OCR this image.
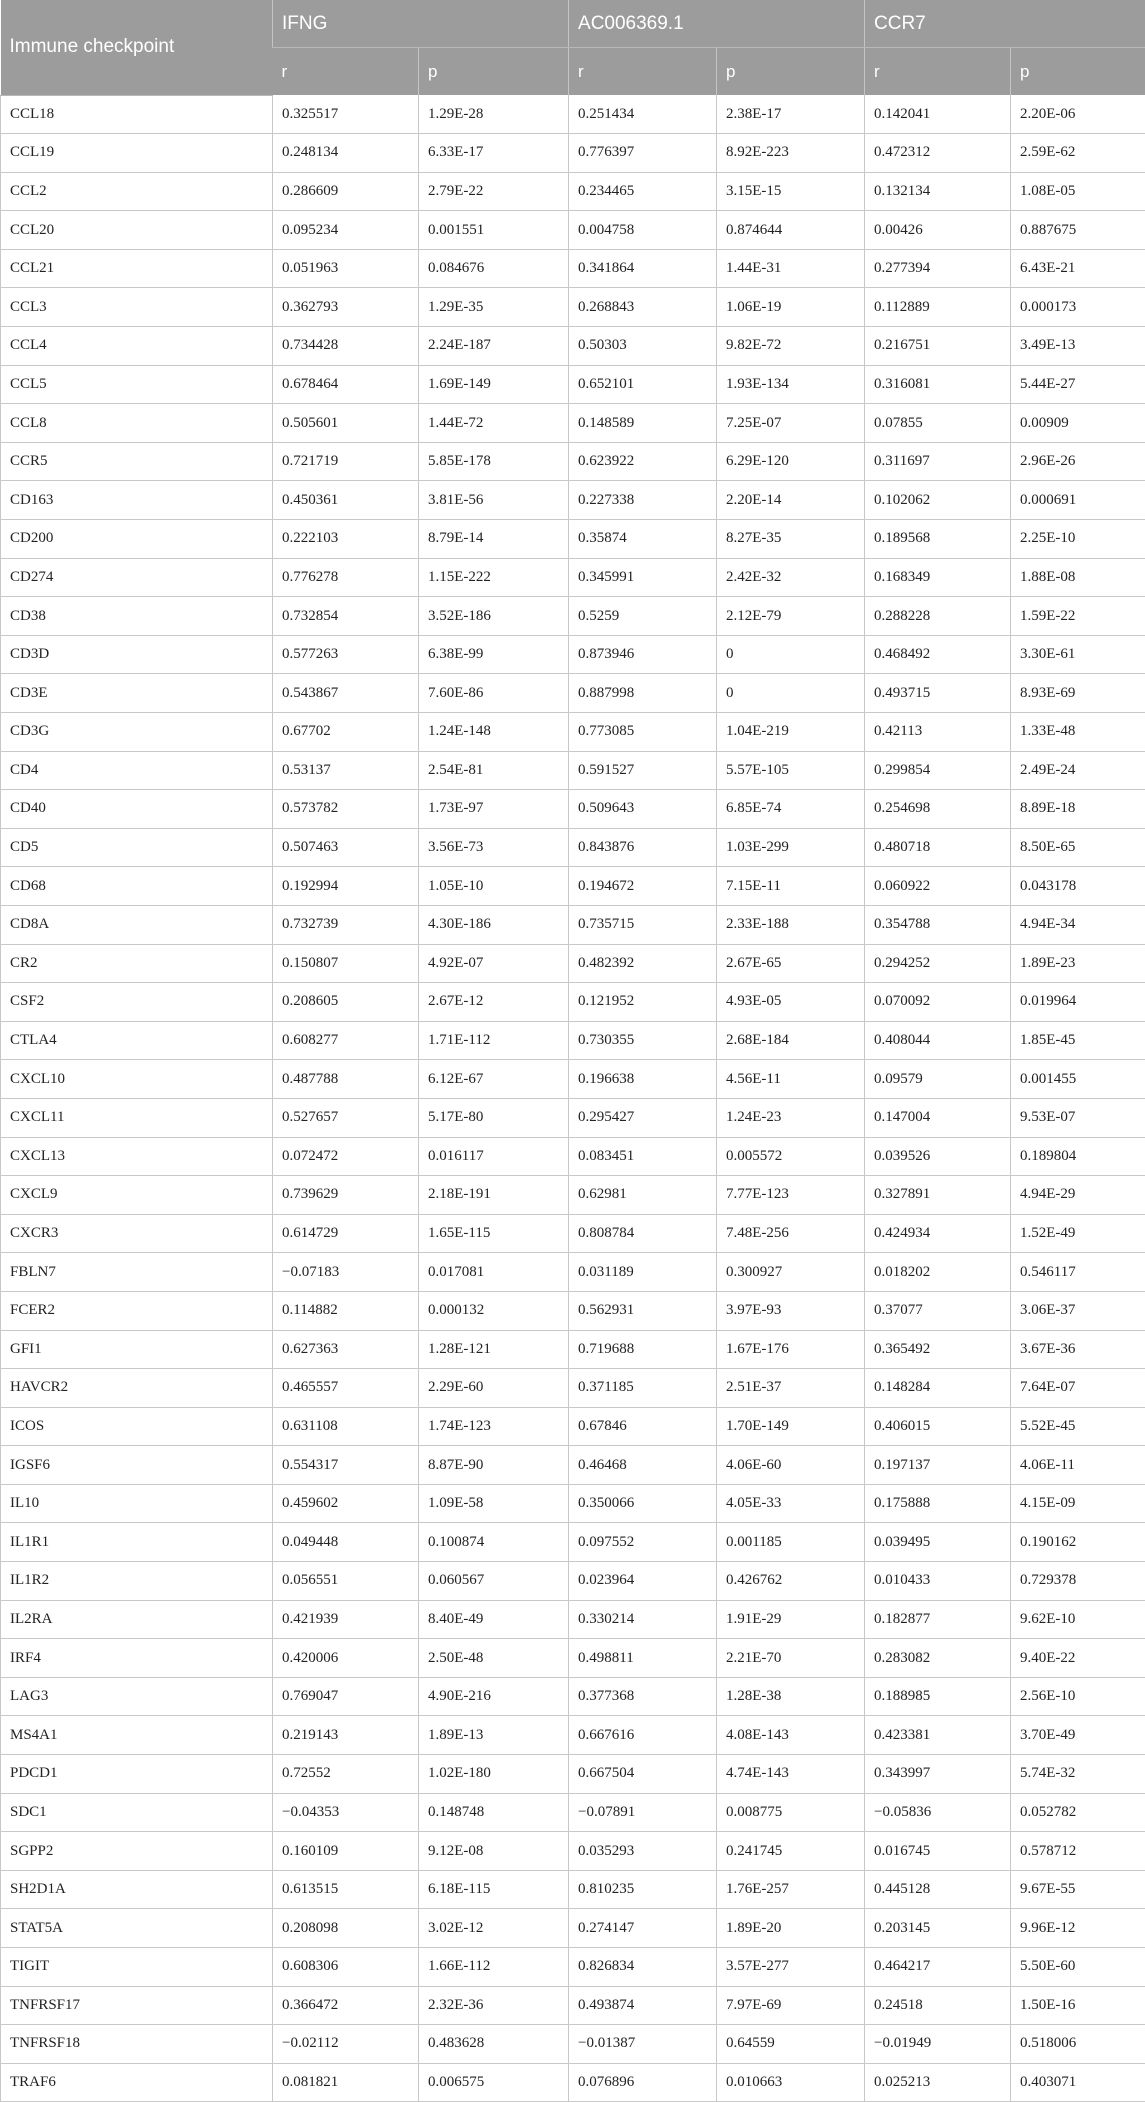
Immune checkpoint	IFNG		AC006369.1		CCR7	
	r	p	r	p	r	p
CCL18	0.325517	1.29E-28	0.251434	2.38E-17	0.142041	2.20E-06
CCL19	0.248134	6.33E-17	0.776397	8.92E-223	0.472312	2.59E-62
CCL2	0.286609	2.79E-22	0.234465	3.15E-15	0.132134	1.08E-05
CCL20	0.095234	0.001551	0.004758	0.874644	0.00426	0.887675
CCL21	0.051963	0.084676	0.341864	1.44E-31	0.277394	6.43E-21
CCL3	0.362793	1.29E-35	0.268843	1.06E-19	0.112889	0.000173
CCL4	0.734428	2.24E-187	0.50303	9.82E-72	0.216751	3.49E-13
CCL5	0.678464	1.69E-149	0.652101	1.93E-134	0.316081	5.44E-27
CCL8	0.505601	1.44E-72	0.148589	7.25E-07	0.07855	0.00909
CCR5	0.721719	5.85E-178	0.623922	6.29E-120	0.311697	2.96E-26
CD163	0.450361	3.81E-56	0.227338	2.20E-14	0.102062	0.000691
CD200	0.222103	8.79E-14	0.35874	8.27E-35	0.189568	2.25E-10
CD274	0.776278	1.15E-222	0.345991	2.42E-32	0.168349	1.88E-08
CD38	0.732854	3.52E-186	0.5259	2.12E-79	0.288228	1.59E-22
CD3D	0.577263	6.38E-99	0.873946	0	0.468492	3.30E-61
CD3E	0.543867	7.60E-86	0.887998	0	0.493715	8.93E-69
CD3G	0.67702	1.24E-148	0.773085	1.04E-219	0.42113	1.33E-48
CD4	0.53137	2.54E-81	0.591527	5.57E-105	0.299854	2.49E-24
CD40	0.573782	1.73E-97	0.509643	6.85E-74	0.254698	8.89E-18
CD5	0.507463	3.56E-73	0.843876	1.03E-299	0.480718	8.50E-65
CD68	0.192994	1.05E-10	0.194672	7.15E-11	0.060922	0.043178
CD8A	0.732739	4.30E-186	0.735715	2.33E-188	0.354788	4.94E-34
CR2	0.150807	4.92E-07	0.482392	2.67E-65	0.294252	1.89E-23
CSF2	0.208605	2.67E-12	0.121952	4.93E-05	0.070092	0.019964
CTLA4	0.608277	1.71E-112	0.730355	2.68E-184	0.408044	1.85E-45
CXCL10	0.487788	6.12E-67	0.196638	4.56E-11	0.09579	0.001455
CXCL11	0.527657	5.17E-80	0.295427	1.24E-23	0.147004	9.53E-07
CXCL13	0.072472	0.016117	0.083451	0.005572	0.039526	0.189804
CXCL9	0.739629	2.18E-191	0.62981	7.77E-123	0.327891	4.94E-29
CXCR3	0.614729	1.65E-115	0.808784	7.48E-256	0.424934	1.52E-49
FBLN7	−0.07183	0.017081	0.031189	0.300927	0.018202	0.546117
FCER2	0.114882	0.000132	0.562931	3.97E-93	0.37077	3.06E-37
GFI1	0.627363	1.28E-121	0.719688	1.67E-176	0.365492	3.67E-36
HAVCR2	0.465557	2.29E-60	0.371185	2.51E-37	0.148284	7.64E-07
ICOS	0.631108	1.74E-123	0.67846	1.70E-149	0.406015	5.52E-45
IGSF6	0.554317	8.87E-90	0.46468	4.06E-60	0.197137	4.06E-11
IL10	0.459602	1.09E-58	0.350066	4.05E-33	0.175888	4.15E-09
IL1R1	0.049448	0.100874	0.097552	0.001185	0.039495	0.190162
IL1R2	0.056551	0.060567	0.023964	0.426762	0.010433	0.729378
IL2RA	0.421939	8.40E-49	0.330214	1.91E-29	0.182877	9.62E-10
IRF4	0.420006	2.50E-48	0.498811	2.21E-70	0.283082	9.40E-22
LAG3	0.769047	4.90E-216	0.377368	1.28E-38	0.188985	2.56E-10
MS4A1	0.219143	1.89E-13	0.667616	4.08E-143	0.423381	3.70E-49
PDCD1	0.72552	1.02E-180	0.667504	4.74E-143	0.343997	5.74E-32
SDC1	−0.04353	0.148748	−0.07891	0.008775	−0.05836	0.052782
SGPP2	0.160109	9.12E-08	0.035293	0.241745	0.016745	0.578712
SH2D1A	0.613515	6.18E-115	0.810235	1.76E-257	0.445128	9.67E-55
STAT5A	0.208098	3.02E-12	0.274147	1.89E-20	0.203145	9.96E-12
TIGIT	0.608306	1.66E-112	0.826834	3.57E-277	0.464217	5.50E-60
TNFRSF17	0.366472	2.32E-36	0.493874	7.97E-69	0.24518	1.50E-16
TNFRSF18	−0.02112	0.483628	−0.01387	0.64559	−0.01949	0.518006
TRAF6	0.081821	0.006575	0.076896	0.010663	0.025213	0.403071
